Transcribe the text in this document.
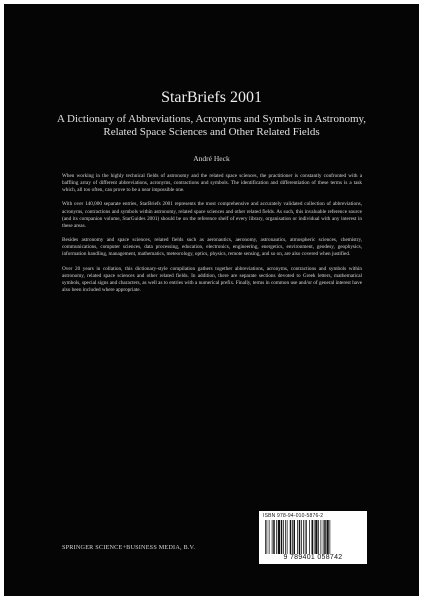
StarBriefs 2001
A Dictionary of Abbreviations, Acronyms and Symbols in Astronomy,
Related Space Sciences and Other Related Fields
André Heck

When working in the highly technical fields of astronomy and the related space sciences, the practitioner is constantly confronted with a baffling array of different abbreviations, acronyms, contractions and symbols. The identification and differentiation of these terms is a task which, all too often, can prove to be a near impossible one.

With over 140,000 separate entries, StarBriefs 2001 represents the most comprehensive and accurately validated collection of abbreviations, acronyms, contractions and symbols within astronomy, related space sciences and other related fields. As such, this invaluable reference source (and its companion volume, StarGuides 2001) should be on the reference shelf of every library, organisation or individual with any interest in these areas.

Besides astronomy and space sciences, related fields such as aeronautics, aeronomy, astronautics, atmospheric sciences, chemistry, communications, computer sciences, data processing, education, electronics, engineering, energetics, environment, geodesy, geophysics, information handling, management, mathematics, meteorology, optics, physics, remote sensing, and so on, are also covered when justified.

Over 20 years in collation, this dictionary-style compilation gathers together abbreviations, acronyms, contractions and symbols within astronomy, related space sciences and other related fields. In addition, there are separate sections devoted to Greek letters, mathematical symbols, special signs and characters, as well as to entries with a numerical prefix. Finally, terms in common use and/or of general interest have also been included where appropriate.

SPRINGER SCIENCE+BUSINESS MEDIA, B.V.
ISBN 978-94-010-5876-2
9 789401 058742
